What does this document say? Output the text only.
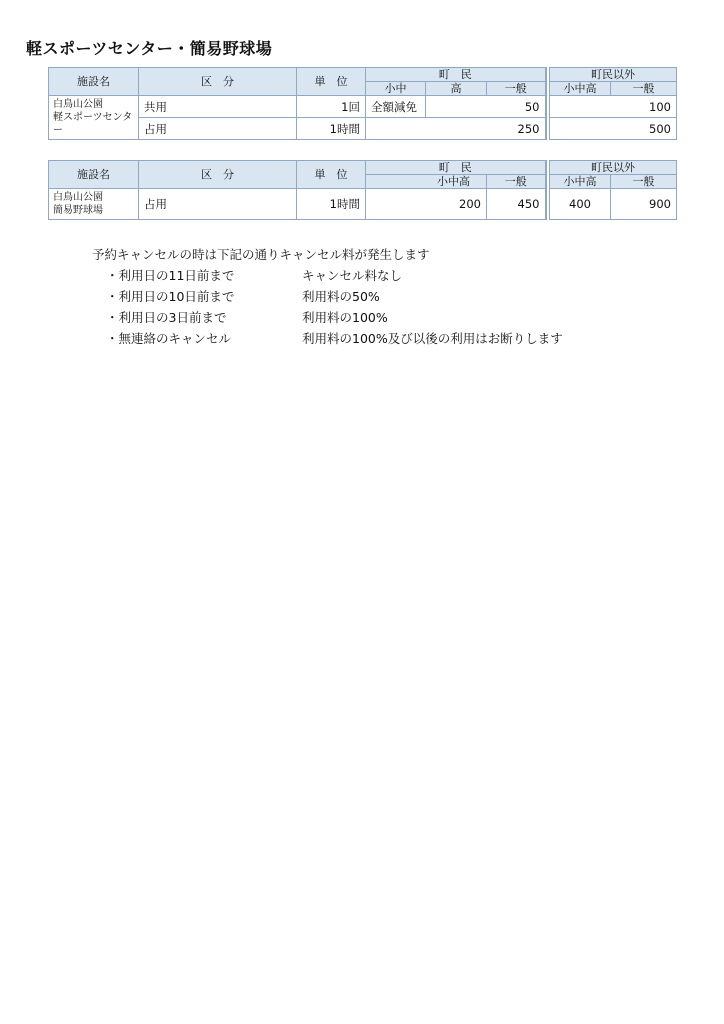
軽スポーツセンター・簡易野球場
施設名	区　分	単　位	町　民				町民以外	
			小中	高	一般		小中高	一般

白鳥山公園
軽スポーツセンター	共用	1回	全額減免	50			100	
	占用	1時間	250				500	
施設名	区　分	単　位	町　民			町民以外	
			小中高	一般		小中高	一般

白鳥山公園
簡易野球場	占用	1時間	200	450		400	900
予約キャンセルの時は下記の通りキャンセル料が発生します
・利用日の11日前まで	キャンセル料なし
・利用日の10日前まで	利用料の50%
・利用日の3日前まで	利用料の100%
・無連絡のキャンセル	利用料の100%及び以後の利用はお断りします
